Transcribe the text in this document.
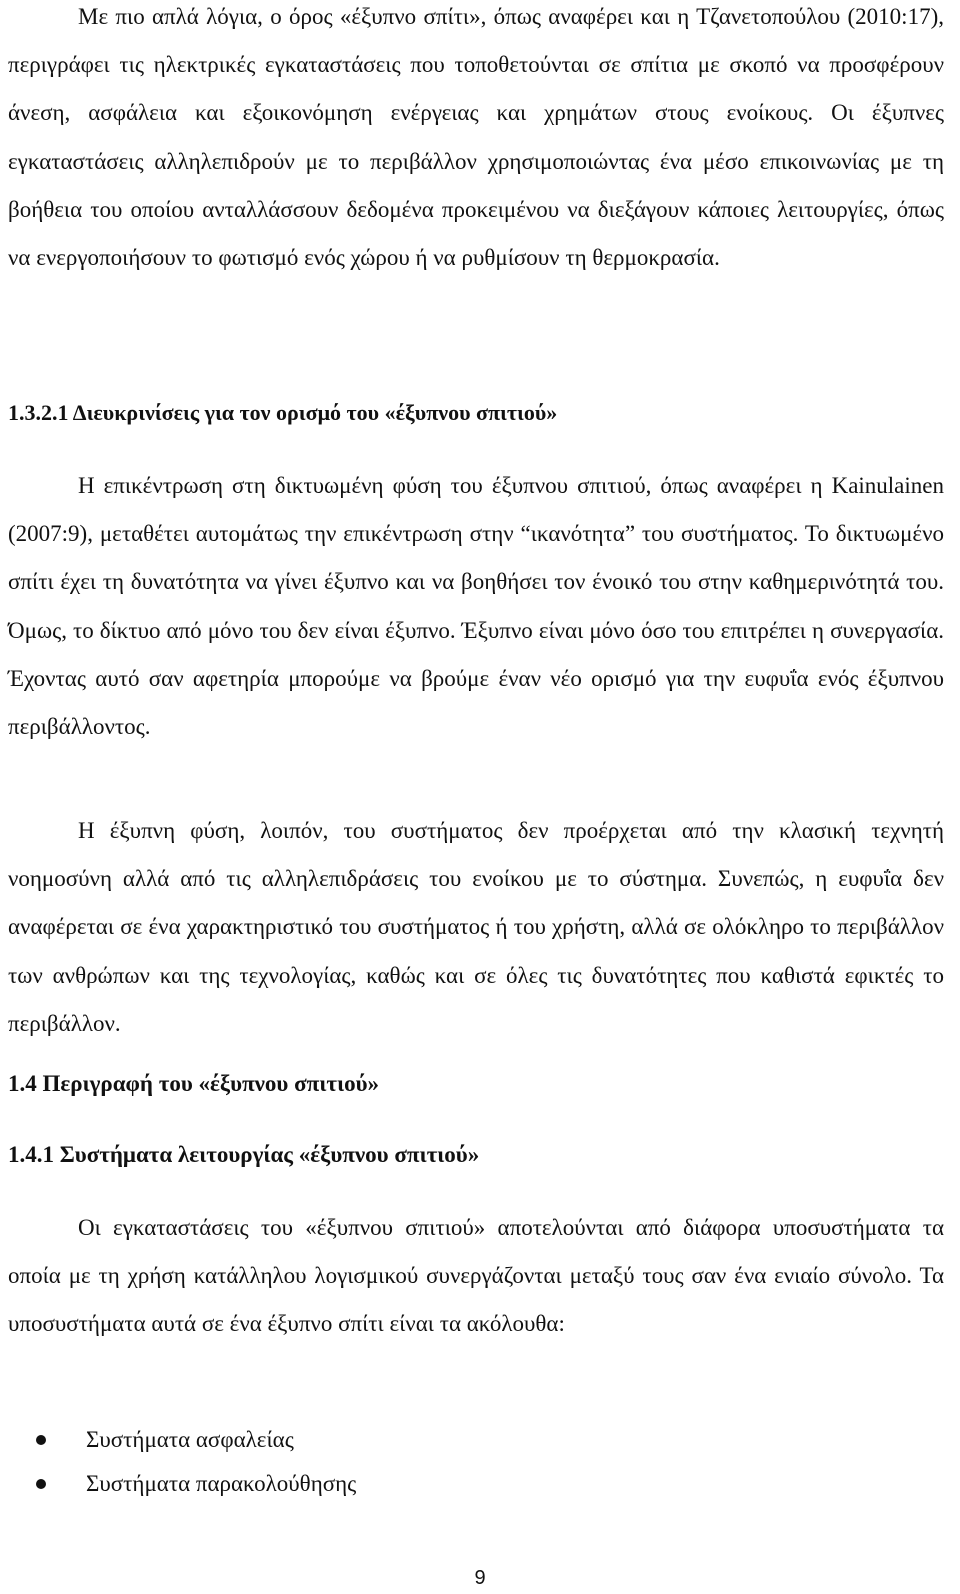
Με πιο απλά λόγια, ο όρος «έξυπνο σπίτι», όπως αναφέρει και η Τζανετοπούλου (2010:17), περιγράφει τις ηλεκτρικές εγκαταστάσεις που τοποθετούνται σε σπίτια με σκοπό να προσφέρουν άνεση, ασφάλεια και εξοικονόμηση ενέργειας και χρημάτων στους ενοίκους. Οι έξυπνες εγκαταστάσεις αλληλεπιδρούν με το περιβάλλον χρησιμοποιώντας ένα μέσο επικοινωνίας με τη βοήθεια του οποίου ανταλλάσσουν δεδομένα προκειμένου να διεξάγουν κάποιες λειτουργίες, όπως να ενεργοποιήσουν το φωτισμό ενός χώρου ή να ρυθμίσουν τη θερμοκρασία.

1.3.2.1 Διευκρινίσεις για τον ορισμό του «έξυπνου σπιτιού»

Η επικέντρωση στη δικτυωμένη φύση του έξυπνου σπιτιού, όπως αναφέρει η Kainulainen (2007:9), μεταθέτει αυτομάτως την επικέντρωση στην “ικανότητα” του συστήματος. Το δικτυωμένο σπίτι έχει τη δυνατότητα να γίνει έξυπνο και να βοηθήσει τον ένοικό του στην καθημερινότητά του. Όμως, το δίκτυο από μόνο του δεν είναι έξυπνο. Έξυπνο είναι μόνο όσο του επιτρέπει η συνεργασία. Έχοντας αυτό σαν αφετηρία μπορούμε να βρούμε έναν νέο ορισμό για την ευφυΐα ενός έξυπνου περιβάλλοντος.

Η έξυπνη φύση, λοιπόν, του συστήματος δεν προέρχεται από την κλασική τεχνητή νοημοσύνη αλλά από τις αλληλεπιδράσεις του ενοίκου με το σύστημα. Συνεπώς, η ευφυΐα δεν αναφέρεται σε ένα χαρακτηριστικό του συστήματος ή του χρήστη, αλλά σε ολόκληρο το περιβάλλον των ανθρώπων και της τεχνολογίας, καθώς και σε όλες τις δυνατότητες που καθιστά εφικτές το περιβάλλον.

1.4 Περιγραφή του «έξυπνου σπιτιού»
1.4.1 Συστήματα λειτουργίας «έξυπνου σπιτιού»

Οι εγκαταστάσεις του «έξυπνου σπιτιού» αποτελούνται από διάφορα υποσυστήματα τα οποία με τη χρήση κατάλληλου λογισμικού συνεργάζονται μεταξύ τους σαν ένα ενιαίο σύνολο. Τα υποσυστήματα αυτά σε ένα έξυπνο σπίτι είναι τα ακόλουθα:

Συστήματα ασφαλείας
Συστήματα παρακολούθησης
9
